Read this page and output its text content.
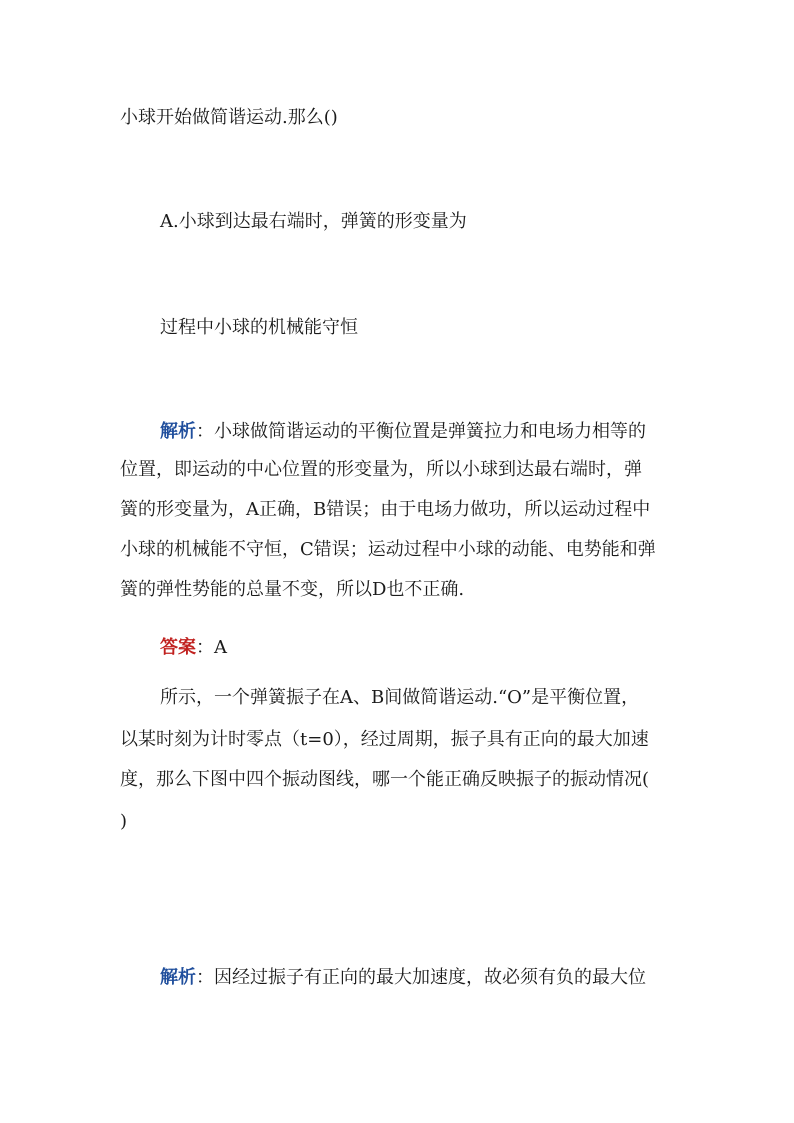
小球开始做简谐运动.那么()
A.小球到达最右端时，弹簧的形变量为
过程中小球的机械能守恒
解析：小球做简谐运动的平衡位置是弹簧拉力和电场力相等的
位置，即运动的中心位置的形变量为，所以小球到达最右端时，弹
簧的形变量为，A正确，B错误；由于电场力做功，所以运动过程中
小球的机械能不守恒，C错误；运动过程中小球的动能、电势能和弹
簧的弹性势能的总量不变，所以D也不正确.
答案：A
所示，一个弹簧振子在A、B间做简谐运动.“O”是平衡位置，
以某时刻为计时零点（t=0），经过周期，振子具有正向的最大加速
度，那么下图中四个振动图线，哪一个能正确反映振子的振动情况(
)
解析：因经过振子有正向的最大加速度，故必须有负的最大位
